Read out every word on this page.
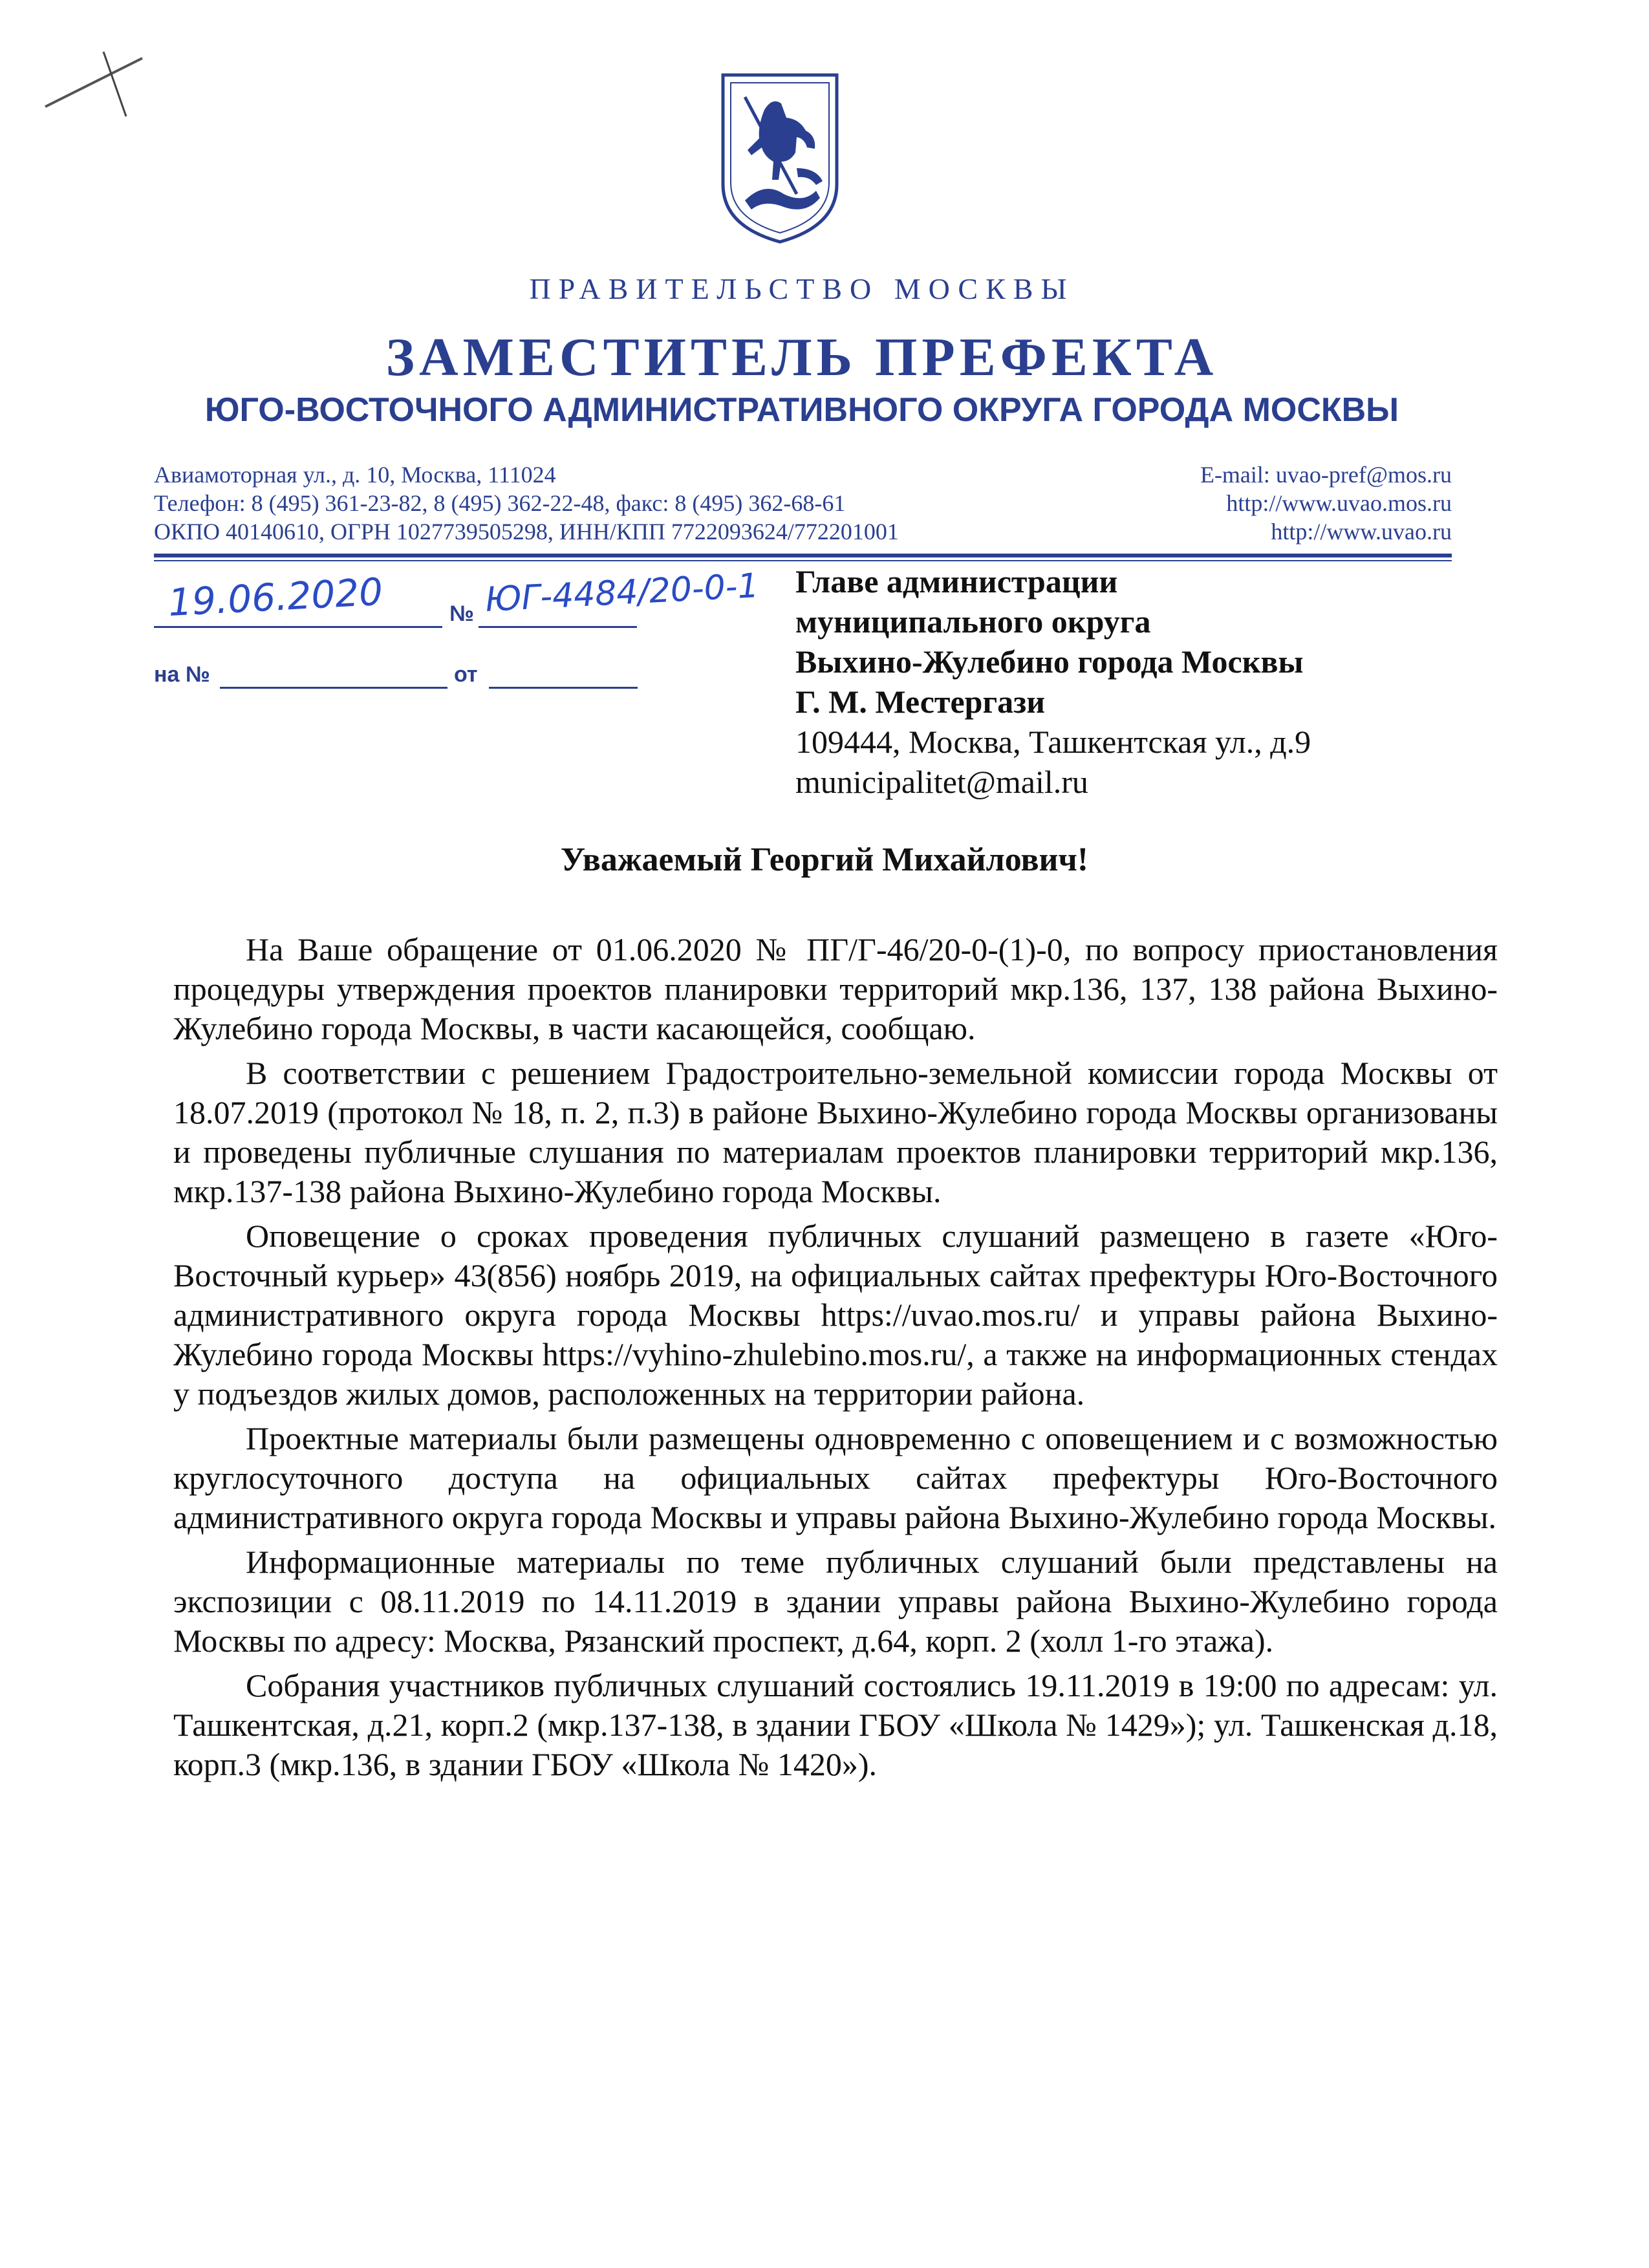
ПРАВИТЕЛЬСТВО МОСКВЫ
ЗАМЕСТИТЕЛЬ ПРЕФЕКТА
ЮГО-ВОСТОЧНОГО АДМИНИСТРАТИВНОГО ОКРУГА ГОРОДА МОСКВЫ
Авиамоторная ул., д. 10, Москва, 111024
Телефон: 8 (495) 361-23-82, 8 (495) 362-22-48, факс: 8 (495) 362-68-61
ОКПО 40140610, ОГРН 1027739505298, ИНН/КПП 7722093624/772201001
E-mail: uvao-pref@mos.ru
http://www.uvao.mos.ru
http://www.uvao.ru
19.06.2020	№ ЮГ-4484/20-0-1
на №	от
Главе администрации
муниципального округа
Выхино-Жулебино города Москвы
Г. М. Местергази
109444, Москва, Ташкентская ул., д.9
municipalitet@mail.ru
Уважаемый Георгий Михайлович!

На Ваше обращение от 01.06.2020 № ПГ/Г-46/20-0-(1)-0, по вопросу приостановления процедуры утверждения проектов планировки территорий мкр.136, 137, 138 района Выхино-Жулебино города Москвы, в части касающейся, сообщаю.

В соответствии с решением Градостроительно-земельной комиссии города Москвы от 18.07.2019 (протокол № 18, п. 2, п.3) в районе Выхино-Жулебино города Москвы организованы и проведены публичные слушания по материалам проектов планировки территорий мкр.136, мкр.137-138 района Выхино-Жулебино города Москвы.

Оповещение о сроках проведения публичных слушаний размещено в газете «Юго-Восточный курьер» 43(856) ноябрь 2019, на официальных сайтах префектуры Юго-Восточного административного округа города Москвы https://uvao.mos.ru/ и управы района Выхино-Жулебино города Москвы https://vyhino-zhulebino.mos.ru/, а также на информационных стендах у подъездов жилых домов, расположенных на территории района.

Проектные материалы были размещены одновременно с оповещением и с возможностью круглосуточного доступа на официальных сайтах префектуры Юго-Восточного административного округа города Москвы и управы района Выхино-Жулебино города Москвы.

Информационные материалы по теме публичных слушаний были представлены на экспозиции с 08.11.2019 по 14.11.2019 в здании управы района Выхино-Жулебино города Москвы по адресу: Москва, Рязанский проспект, д.64, корп. 2 (холл 1-го этажа).

Собрания участников публичных слушаний состоялись 19.11.2019 в 19:00 по адресам: ул. Ташкентская, д.21, корп.2 (мкр.137-138, в здании ГБОУ «Школа № 1429»); ул. Ташкенская д.18, корп.3 (мкр.136, в здании ГБОУ «Школа № 1420»).
